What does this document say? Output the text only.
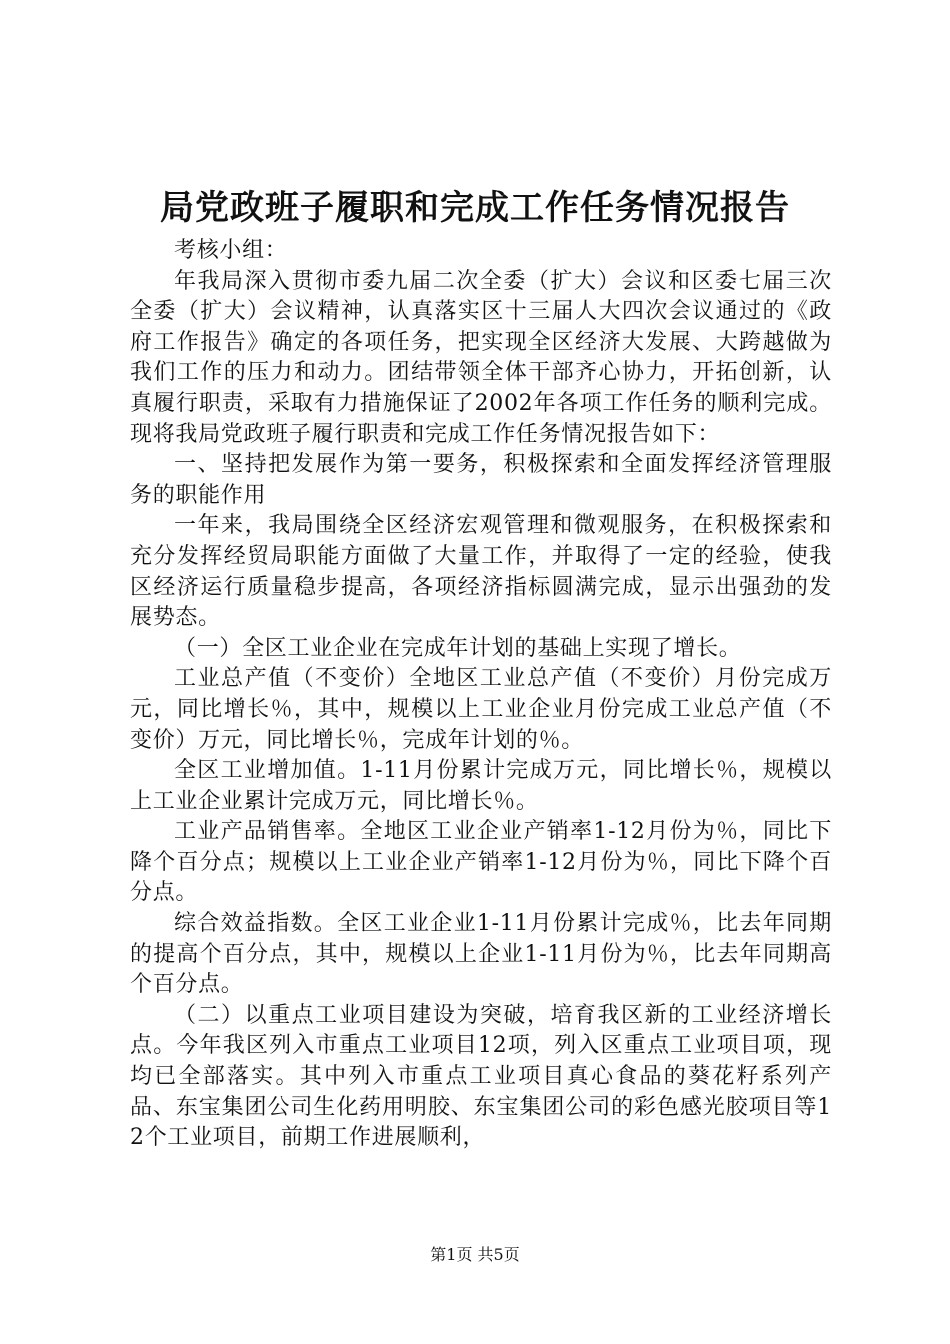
局党政班子履职和完成工作任务情况报告

考核小组：

年我局深入贯彻市委九届二次全委（扩大）会议和区委七届三次全委（扩大）会议精神，认真落实区十三届人大四次会议通过的《政府工作报告》确定的各项任务，把实现全区经济大发展、大跨越做为我们工作的压力和动力。团结带领全体干部齐心协力，开拓创新，认真履行职责，采取有力措施保证了2002年各项工作任务的顺利完成。现将我局党政班子履行职责和完成工作任务情况报告如下：

一、坚持把发展作为第一要务，积极探索和全面发挥经济管理服务的职能作用

一年来，我局围绕全区经济宏观管理和微观服务，在积极探索和充分发挥经贸局职能方面做了大量工作，并取得了一定的经验，使我区经济运行质量稳步提高，各项经济指标圆满完成，显示出强劲的发展势态。

（一）全区工业企业在完成年计划的基础上实现了增长。

工业总产值（不变价）全地区工业总产值（不变价）月份完成万元，同比增长％，其中，规模以上工业企业月份完成工业总产值（不变价）万元，同比增长％，完成年计划的％。

全区工业增加值。1-11月份累计完成万元，同比增长％，规模以上工业企业累计完成万元，同比增长％。

工业产品销售率。全地区工业企业产销率1-12月份为％，同比下降个百分点；规模以上工业企业产销率1-12月份为％，同比下降个百分点。

综合效益指数。全区工业企业1-11月份累计完成％，比去年同期的提高个百分点，其中，规模以上企业1-11月份为％，比去年同期高个百分点。

（二）以重点工业项目建设为突破，培育我区新的工业经济增长点。今年我区列入市重点工业项目12项，列入区重点工业项目项，现均已全部落实。其中列入市重点工业项目真心食品的葵花籽系列产品、东宝集团公司生化药用明胶、东宝集团公司的彩色感光胶项目等12个工业项目，前期工作进展顺利，

第1页 共5页
